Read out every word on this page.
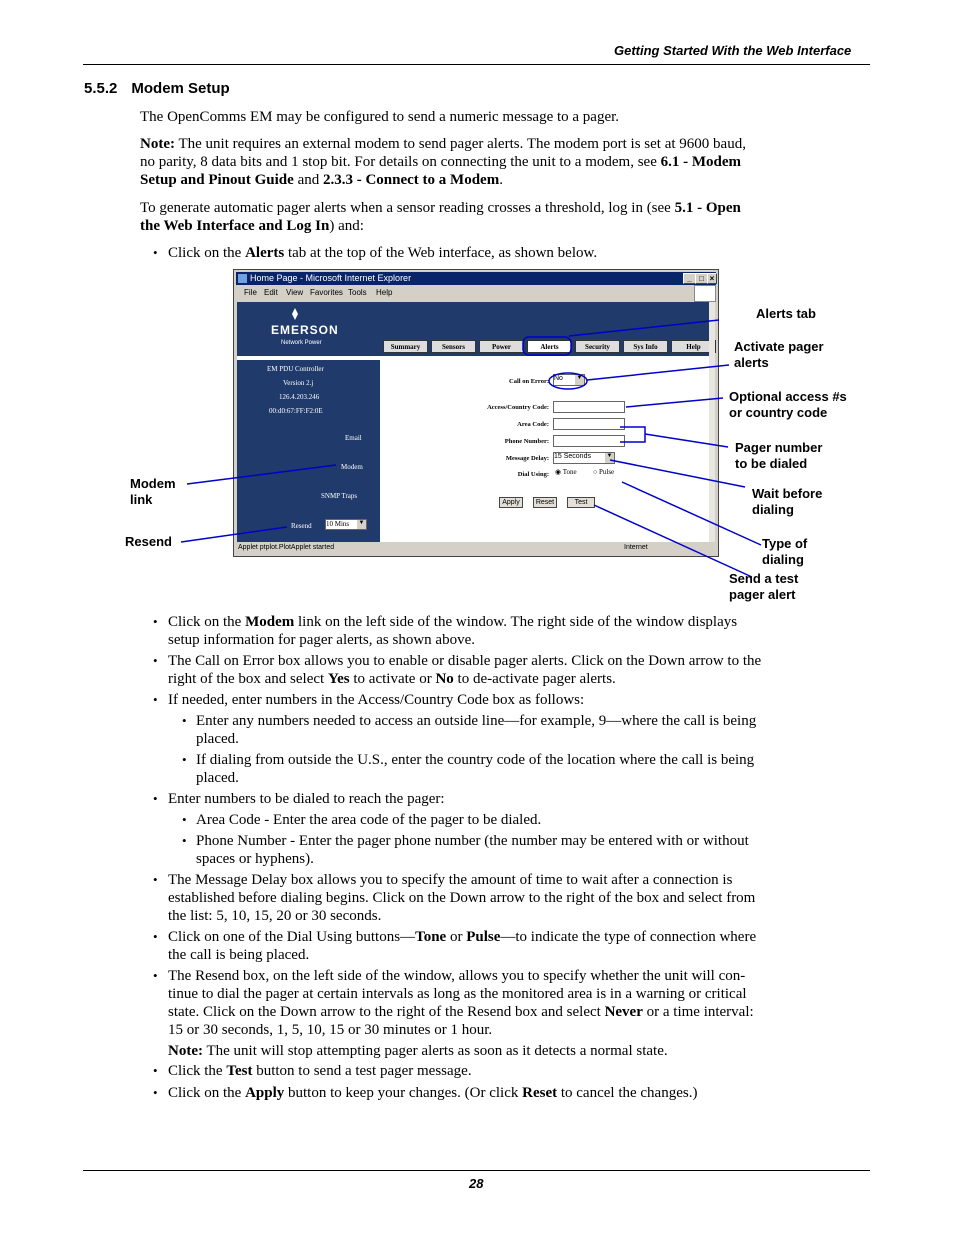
Getting Started With the Web Interface
5.5.2 Modem Setup
The OpenComms EM may be configured to send a numeric message to a pager.
Note: The unit requires an external modem to send pager alerts. The modem port is set at 9600 baud,
no parity, 8 data bits and 1 stop bit. For details on connecting the unit to a modem, see 6.1 - Modem
Setup and Pinout Guide and 2.3.3 - Connect to a Modem.
To generate automatic pager alerts when a sensor reading crosses a threshold, log in (see 5.1 - Open
the Web Interface and Log In) and:
• Click on the Alerts tab at the top of the Web interface, as shown below.
Home Page - Microsoft Internet Explorer	_ □ ×
File Edit View Favorites Tools Help
EMERSON
Network Power	Summary	Sensors	Power	Alerts	Security	Sys Info	Help
EM PDU Controller
Version 2.j
126.4.203.246
00:d0:67:FF:F2:0E
Email
Modem
SNMP Traps
Resend 10 Mins ▼
Call on Error: No ▼
Access/Country Code:
Area Code:
Phone Number:
Message Delay: 15 Seconds	▼
Dial Using: ◉ Tone ○ Pulse
Apply	Reset	Test
Applet ptplot.PlotApplet started	Internet
Alerts tab
Activate pager
alerts
Optional access #s
or country code
Pager number
to be dialed
Wait before
dialing
Type of
dialing
Send a test
pager alert
Modem
link
Resend
• Click on the Modem link on the left side of the window. The right side of the window displays
setup information for pager alerts, as shown above.
• The Call on Error box allows you to enable or disable pager alerts. Click on the Down arrow to the
right of the box and select Yes to activate or No to de-activate pager alerts.
• If needed, enter numbers in the Access/Country Code box as follows:
• Enter any numbers needed to access an outside line—for example, 9—where the call is being
placed.
• If dialing from outside the U.S., enter the country code of the location where the call is being
placed.
• Enter numbers to be dialed to reach the pager:
• Area Code - Enter the area code of the pager to be dialed.
• Phone Number - Enter the pager phone number (the number may be entered with or without
spaces or hyphens).
• The Message Delay box allows you to specify the amount of time to wait after a connection is
established before dialing begins. Click on the Down arrow to the right of the box and select from
the list: 5, 10, 15, 20 or 30 seconds.
• Click on one of the Dial Using buttons—Tone or Pulse—to indicate the type of connection where
the call is being placed.
• The Resend box, on the left side of the window, allows you to specify whether the unit will con-
tinue to dial the pager at certain intervals as long as the monitored area is in a warning or critical
state. Click on the Down arrow to the right of the Resend box and select Never or a time interval:
15 or 30 seconds, 1, 5, 10, 15 or 30 minutes or 1 hour.
Note: The unit will stop attempting pager alerts as soon as it detects a normal state.
• Click the Test button to send a test pager message.
• Click on the Apply button to keep your changes. (Or click Reset to cancel the changes.)
28
